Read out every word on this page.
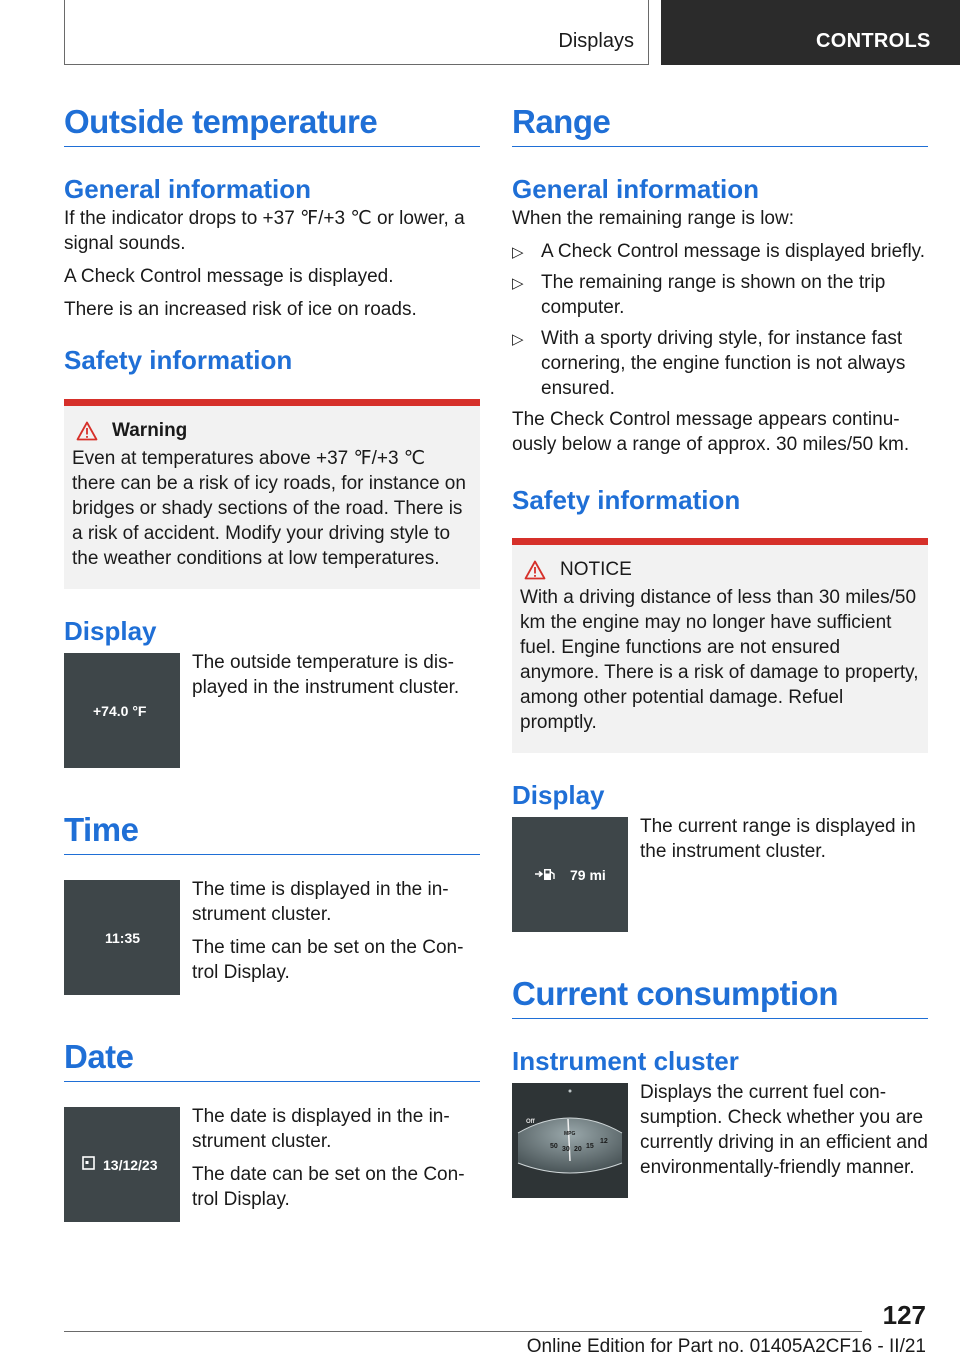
Displays	CONTROLS
Outside temperature
General information

If the indicator drops to +37 ℉/+3 ℃ or lower, a signal sounds.

A Check Control message is displayed.

There is an increased risk of ice on roads.

Safety information
Warning

Even at temperatures above +37 ℉/+3 ℃ there can be a risk of icy roads, for instance on bridges or shady sections of the road. There is a risk of accident. Modify your driving style to the weather conditions at low temperatures.

Display
+74.0 °F

The outside temperature is displayed in the instrument cluster.

Time
11:35

The time is displayed in the instrument cluster.

The time can be set on the Control Display.

Date
13/12/23

The date is displayed in the instrument cluster.

The date can be set on the Control Display.

Range
General information

When the remaining range is low:

▷ A Check Control message is displayed briefly.
▷ The remaining range is shown on the trip computer.
▷ With a sporty driving style, for instance fast cornering, the engine function is not always ensured.

The Check Control message appears continuously below a range of approx. 30 miles/50 km.

Safety information
NOTICE

With a driving distance of less than 30 miles/50 km the engine may no longer have sufficient fuel. Engine functions are not ensured anymore. There is a risk of damage to property, among other potential damage. Refuel promptly.

Display
79 mi

The current range is displayed in the instrument cluster.

Current consumption
Instrument cluster
Off
MPG
50 30 20 15
12

Displays the current fuel consumption. Check whether you are currently driving in an efficient and environmentally-friendly manner.

127
Online Edition for Part no. 01405A2CF16 - II/21
